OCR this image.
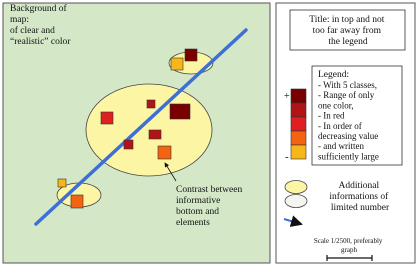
Background of map: of clear and “realistic” color
Contrast between informative bottom and elements
Title: in top and not too far away from the legend
Legend:
- With 5 classes, - Range of only one color, - In red - In order of decreasing value - and written sufficiently large
+
-
Additional informations of limited number
Scale 1/2500, preferably graph
